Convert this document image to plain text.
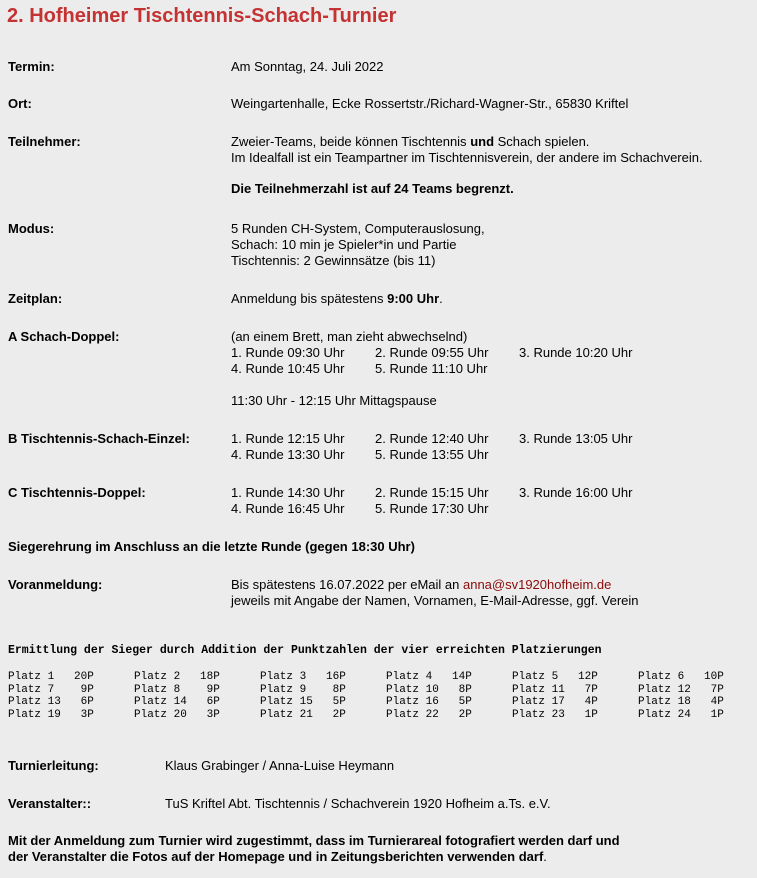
2. Hofheimer Tischtennis-Schach-Turnier
Termin:	Am Sonntag, 24. Juli 2022
Ort:	Weingartenhalle, Ecke Rossertstr./Richard-Wagner-Str., 65830 Kriftel
Teilnehmer:	Zweier-Teams, beide können Tischtennis und Schach spielen.
Im Idealfall ist ein Teampartner im Tischtennisverein, der andere im Schachverein.
Die Teilnehmerzahl ist auf 24 Teams begrenzt.
Modus:	5 Runden CH-System, Computerauslosung,
Schach: 10 min je Spieler*in und Partie
Tischtennis: 2 Gewinnsätze (bis 11)
Zeitplan:	Anmeldung bis spätestens 9:00 Uhr.
A Schach-Doppel:	(an einem Brett, man zieht abwechselnd)
1. Runde 09:30 Uhr 2. Runde 09:55 Uhr 3. Runde 10:20 Uhr
4. Runde 10:45 Uhr 5. Runde 11:10 Uhr
11:30 Uhr - 12:15 Uhr Mittagspause
B Tischtennis-Schach-Einzel:	1. Runde 12:15 Uhr 2. Runde 12:40 Uhr 3. Runde 13:05 Uhr
4. Runde 13:30 Uhr 5. Runde 13:55 Uhr
C Tischtennis-Doppel:	1. Runde 14:30 Uhr 2. Runde 15:15 Uhr 3. Runde 16:00 Uhr
4. Runde 16:45 Uhr 5. Runde 17:30 Uhr
Siegerehrung im Anschluss an die letzte Runde (gegen 18:30 Uhr)
Voranmeldung:	Bis spätestens 16.07.2022 per eMail an anna@sv1920hofheim.de
jeweils mit Angabe der Namen, Vornamen, E-Mail-Adresse, ggf. Verein
Ermittlung der Sieger durch Addition der Punktzahlen der vier erreichten Platzierungen
Platz 1   20P	Platz 2   18P	Platz 3   16P	Platz 4   14P	Platz 5   12P	Platz 6   10P
Platz 7    9P	Platz 8    9P	Platz 9    8P	Platz 10   8P	Platz 11   7P	Platz 12   7P
Platz 13   6P	Platz 14   6P	Platz 15   5P	Platz 16   5P	Platz 17   4P	Platz 18   4P
Platz 19   3P	Platz 20   3P	Platz 21   2P	Platz 22   2P	Platz 23   1P	Platz 24   1P
Turnierleitung:	Klaus Grabinger / Anna-Luise Heymann
Veranstalter::	TuS Kriftel Abt. Tischtennis / Schachverein 1920 Hofheim a.Ts. e.V.
Mit der Anmeldung zum Turnier wird zugestimmt, dass im Turnierareal fotografiert werden darf und
der Veranstalter die Fotos auf der Homepage und in Zeitungsberichten verwenden darf.
